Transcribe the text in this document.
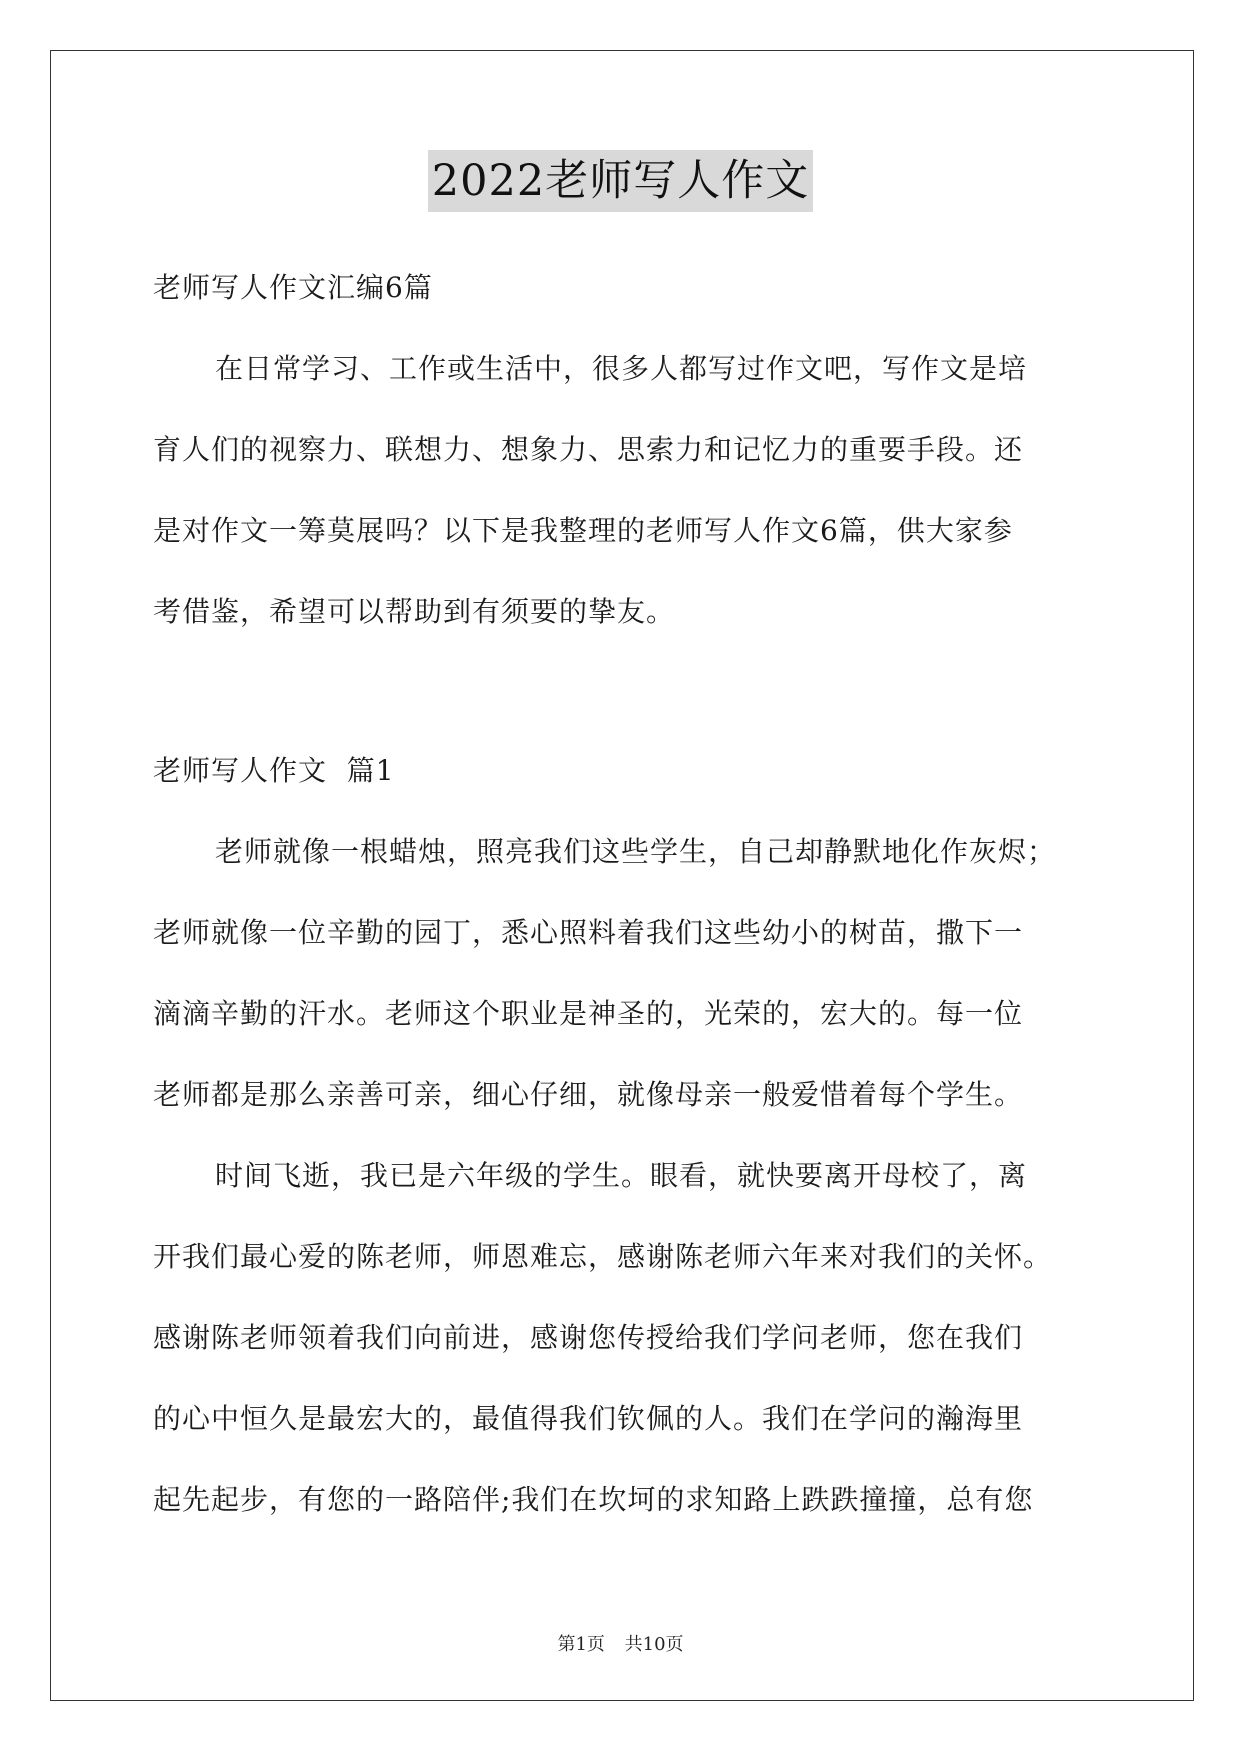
2022老师写人作文
老师写人作文汇编6篇
在日常学习、工作或生活中，很多人都写过作文吧，写作文是培
育人们的视察力、联想力、想象力、思索力和记忆力的重要手段。还
是对作文一筹莫展吗？以下是我整理的老师写人作文6篇，供大家参
考借鉴，希望可以帮助到有须要的挚友。
老师写人作文  篇1
老师就像一根蜡烛，照亮我们这些学生，自己却静默地化作灰烬；
老师就像一位辛勤的园丁，悉心照料着我们这些幼小的树苗，撒下一
滴滴辛勤的汗水。老师这个职业是神圣的，光荣的，宏大的。每一位
老师都是那么亲善可亲，细心仔细，就像母亲一般爱惜着每个学生。
时间飞逝，我已是六年级的学生。眼看，就快要离开母校了，离
开我们最心爱的陈老师，师恩难忘，感谢陈老师六年来对我们的关怀。
感谢陈老师领着我们向前进，感谢您传授给我们学问老师，您在我们
的心中恒久是最宏大的，最值得我们钦佩的人。我们在学问的瀚海里
起先起步，有您的一路陪伴;我们在坎坷的求知路上跌跌撞撞，总有您
第1页 共10页
